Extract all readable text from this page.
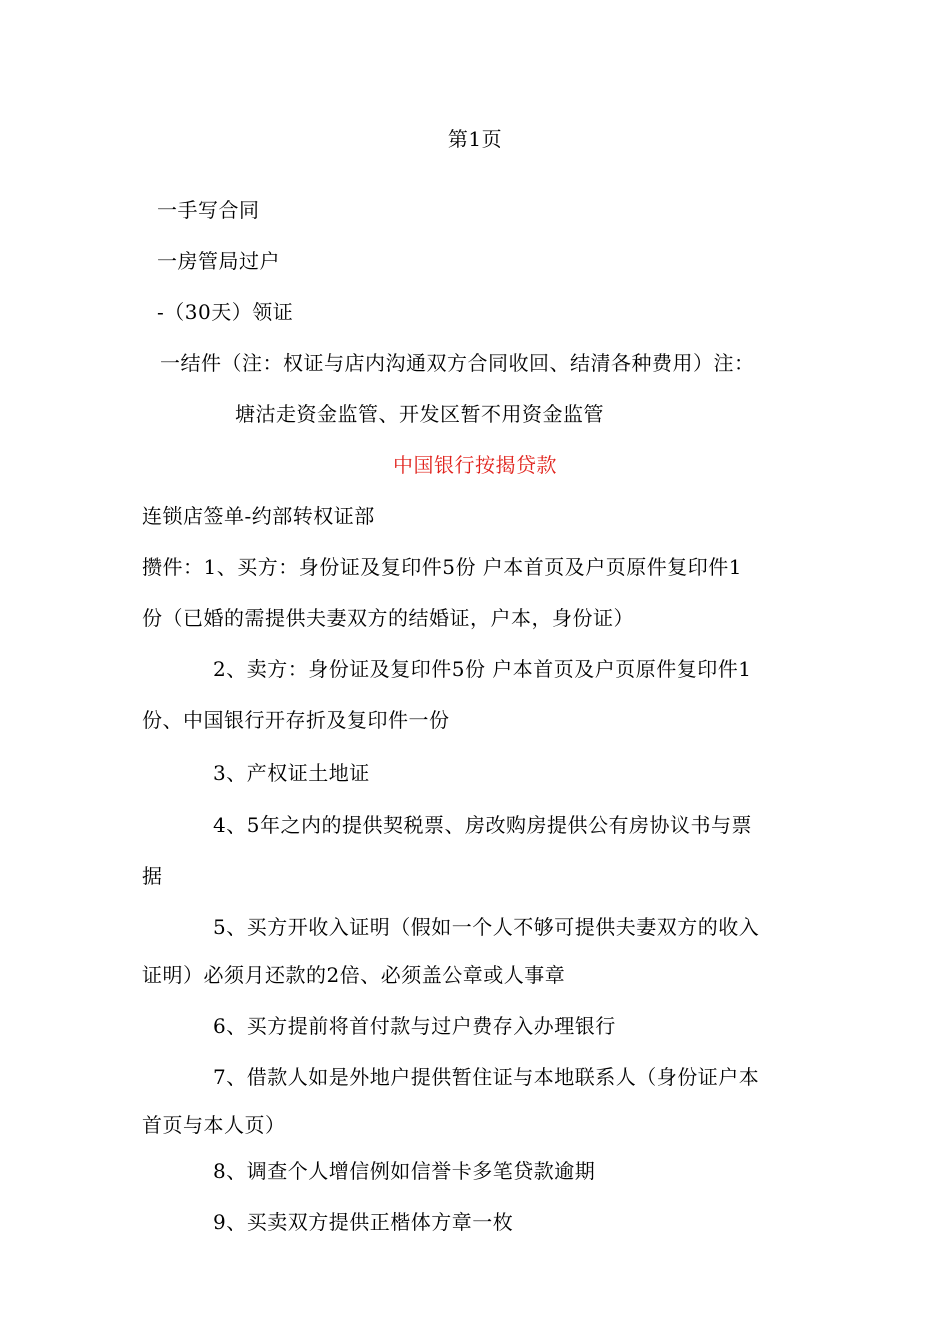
第1页
一手写合同
一房管局过户
-（30天）领证
一结件（注：权证与店内沟通双方合同收回、结清各种费用）注：
塘沽走资金监管、开发区暂不用资金监管
中国银行按揭贷款
连锁店签单-约部转权证部
攒件：1、买方：身份证及复印件5份 户本首页及户页原件复印件1
份（已婚的需提供夫妻双方的结婚证，户本，身份证）
2、卖方：身份证及复印件5份 户本首页及户页原件复印件1
份、中国银行开存折及复印件一份
3、产权证土地证
4、5年之内的提供契税票、房改购房提供公有房协议书与票
据
5、买方开收入证明（假如一个人不够可提供夫妻双方的收入
证明）必须月还款的2倍、必须盖公章或人事章
6、买方提前将首付款与过户费存入办理银行
7、借款人如是外地户提供暂住证与本地联系人（身份证户本
首页与本人页）
8、调查个人增信例如信誉卡多笔贷款逾期
9、买卖双方提供正楷体方章一枚
